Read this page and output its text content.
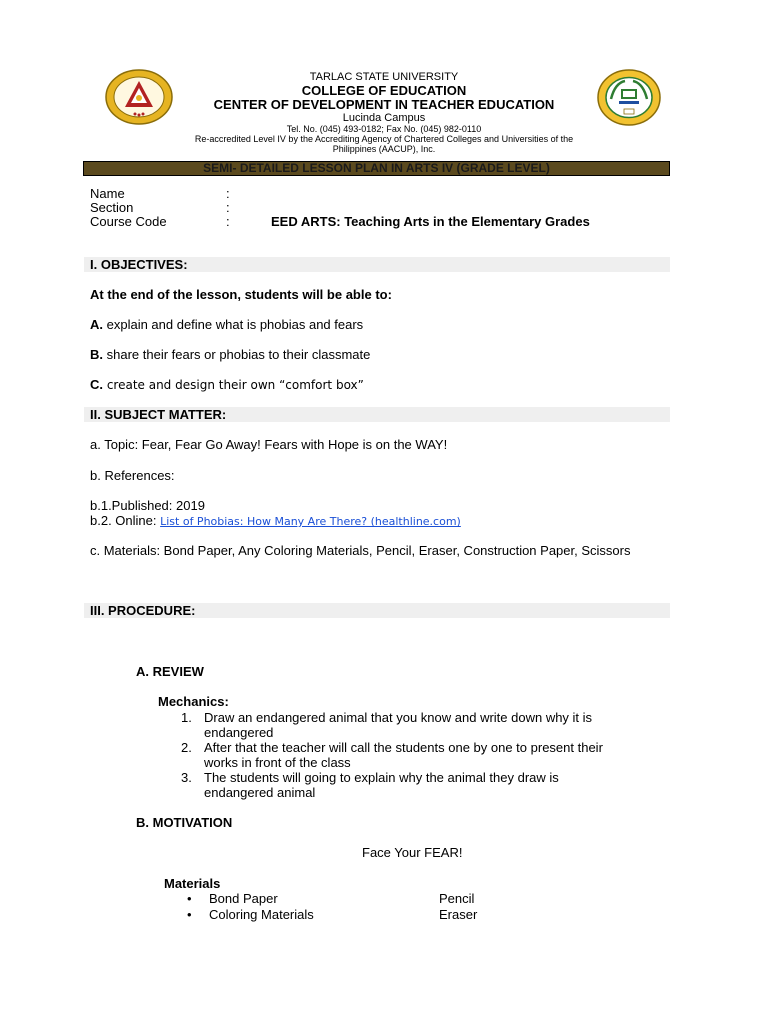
TARLAC STATE UNIVERSITY
COLLEGE OF EDUCATION
CENTER OF DEVELOPMENT IN TEACHER EDUCATION
Lucinda Campus
Tel. No. (045) 493-0182; Fax No. (045) 982-0110
Re-accredited Level IV by the Accrediting Agency of Chartered Colleges and Universities of the
Philippines (AACUP), Inc.
SEMI- DETAILED LESSON PLAN IN ARTS IV (GRADE LEVEL)
Name	:
Section	:
Course Code	:	EED ARTS: Teaching Arts in the Elementary Grades
I. OBJECTIVES:
At the end of the lesson, students will be able to:
A. explain and define what is phobias and fears
B. share their fears or phobias to their classmate
C. create and design their own “comfort box”
II. SUBJECT MATTER:
a. Topic: Fear, Fear Go Away! Fears with Hope is on the WAY!
b. References:
b.1.Published: 2019
b.2. Online: List of Phobias: How Many Are There? (healthline.com)
c. Materials: Bond Paper, Any Coloring Materials, Pencil, Eraser, Construction Paper, Scissors
III. PROCEDURE:
A. REVIEW
Mechanics:
1. Draw an endangered animal that you know and write down why it is
endangered
2. After that the teacher will call the students one by one to present their
works in front of the class
3. The students will going to explain why the animal they draw is
endangered animal
B. MOTIVATION
Face Your FEAR!
Materials
• Bond Paper	Pencil
• Coloring Materials	Eraser
